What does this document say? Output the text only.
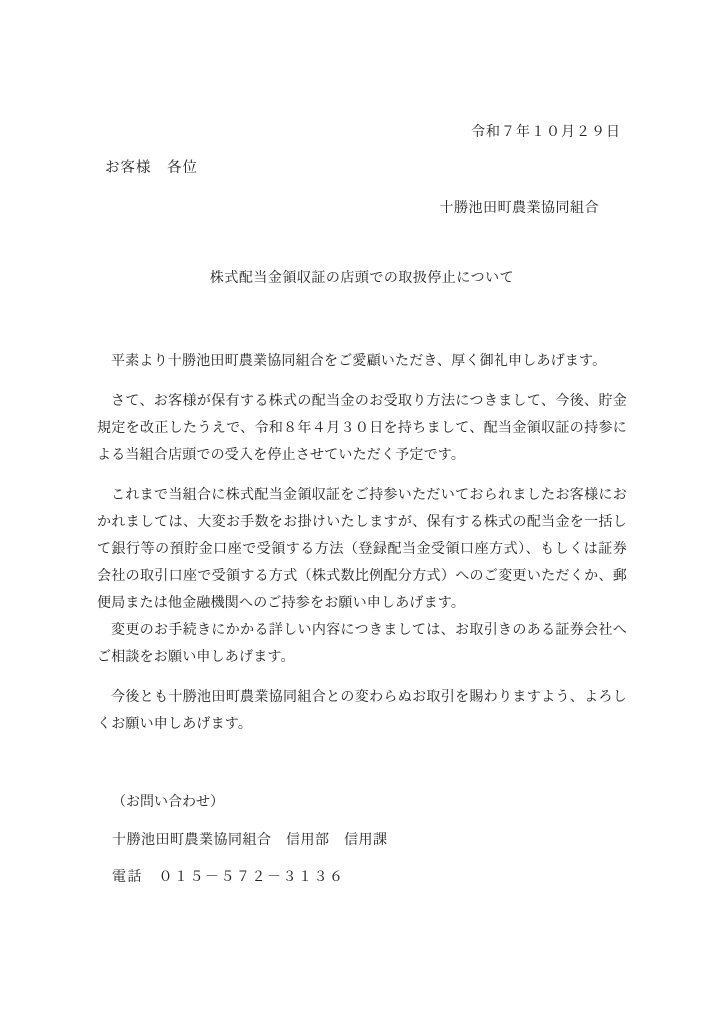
令和７年１０月２９日
お客様　各位
十勝池田町農業協同組合
株式配当金領収証の店頭での取扱停止について

平素より十勝池田町農業協同組合をご愛顧いただき、厚く御礼申しあげます。

さて、お客様が保有する株式の配当金のお受取り方法につきまして、今後、貯金規定を改正したうえで、令和８年４月３０日を持ちまして、配当金領収証の持参による当組合店頭での受入を停止させていただく予定です。

これまで当組合に株式配当金領収証をご持参いただいておられましたお客様におかれましては、大変お手数をお掛けいたしますが、保有する株式の配当金を一括して銀行等の預貯金口座で受領する方法（登録配当金受領口座方式）、もしくは証券会社の取引口座で受領する方式（株式数比例配分方式）へのご変更いただくか、郵便局または他金融機関へのご持参をお願い申しあげます。

変更のお手続きにかかる詳しい内容につきましては、お取引きのある証券会社へご相談をお願い申しあげます。

今後とも十勝池田町農業協同組合との変わらぬお取引を賜わりますよう、よろしくお願い申しあげます。

（お問い合わせ）

十勝池田町農業協同組合　信用部　信用課

電話　０１５－５７２－３１３６
